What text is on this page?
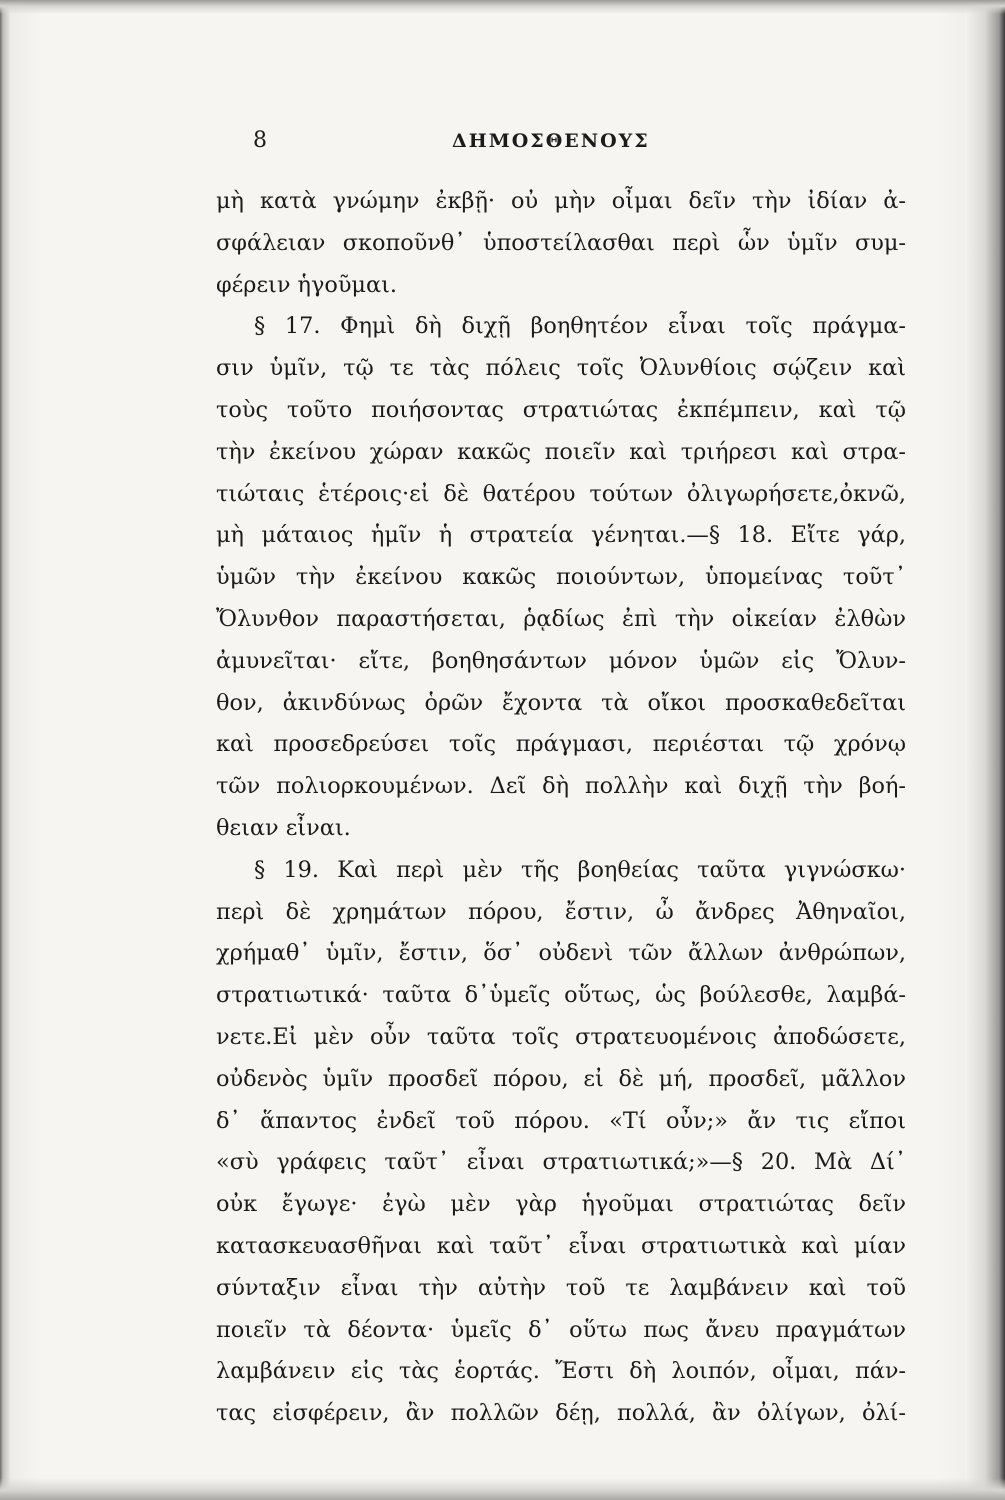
8	ΔΗΜΟΣΘΕΝΟΥΣ
μὴ κατὰ γνώμην ἐκβῇ· οὐ μὴν οἶμαι δεῖν τὴν ἰδίαν ἀ-
σφάλειαν σκοποῦνθ᾽ ὑποστείλασθαι περὶ ὧν ὑμῖν συμ-
φέρειν ἡγοῦμαι.
§ 17. Φημὶ δὴ διχῇ βοηθητέον εἶναι τοῖς πράγμα-
σιν ὑμῖν, τῷ τε τὰς πόλεις τοῖς Ὀλυνθίοις σῴζειν καὶ
τοὺς τοῦτο ποιήσοντας στρατιώτας ἐκπέμπειν, καὶ τῷ
τὴν ἐκείνου χώραν κακῶς ποιεῖν καὶ τριήρεσι καὶ στρα-
τιώταις ἑτέροις·εἰ δὲ θατέρου τούτων ὀλιγωρήσετε,ὀκνῶ,
μὴ μάταιος ἡμῖν ἡ στρατεία γένηται.—§ 18. Εἴτε γάρ,
ὑμῶν τὴν ἐκείνου κακῶς ποιούντων, ὑπομείνας τοῦτ᾽
Ὄλυνθον παραστήσεται, ῥᾳδίως ἐπὶ τὴν οἰκείαν ἐλθὼν
ἀμυνεῖται· εἴτε, βοηθησάντων μόνον ὑμῶν εἰς Ὄλυν-
θον, ἀκινδύνως ὁρῶν ἔχοντα τὰ οἴκοι προσκαθεδεῖται
καὶ προσεδρεύσει τοῖς πράγμασι, περιέσται τῷ χρόνῳ
τῶν πολιορκουμένων. Δεῖ δὴ πολλὴν καὶ διχῇ τὴν βοή-
θειαν εἶναι.
§ 19. Καὶ περὶ μὲν τῆς βοηθείας ταῦτα γιγνώσκω·
περὶ δὲ χρημάτων πόρου, ἔστιν, ὦ ἄνδρες Ἀθηναῖοι,
χρήμαθ᾽ ὑμῖν, ἔστιν, ὅσ᾽ οὐδενὶ τῶν ἄλλων ἀνθρώπων,
στρατιωτικά· ταῦτα δ᾽ὑμεῖς οὕτως, ὡς βούλεσθε, λαμβά-
νετε.Εἰ μὲν οὖν ταῦτα τοῖς στρατευομένοις ἀποδώσετε,
οὐδενὸς ὑμῖν προσδεῖ πόρου, εἰ δὲ μή, προσδεῖ, μᾶλλον
δ᾽ ἅπαντος ἐνδεῖ τοῦ πόρου. «Τί οὖν;» ἄν τις εἴποι
«σὺ γράφεις ταῦτ᾽ εἶναι στρατιωτικά;»—§ 20. Μὰ Δί᾽
οὐκ ἔγωγε· ἐγὼ μὲν γὰρ ἡγοῦμαι στρατιώτας δεῖν
κατασκευασθῆναι καὶ ταῦτ᾽ εἶναι στρατιωτικὰ καὶ μίαν
σύνταξιν εἶναι τὴν αὐτὴν τοῦ τε λαμβάνειν καὶ τοῦ
ποιεῖν τὰ δέοντα· ὑμεῖς δ᾽ οὕτω πως ἄνευ πραγμάτων
λαμβάνειν εἰς τὰς ἑορτάς. Ἔστι δὴ λοιπόν, οἶμαι, πάν-
τας εἰσφέρειν, ἂν πολλῶν δέῃ, πολλά, ἂν ὀλίγων, ὀλί-
